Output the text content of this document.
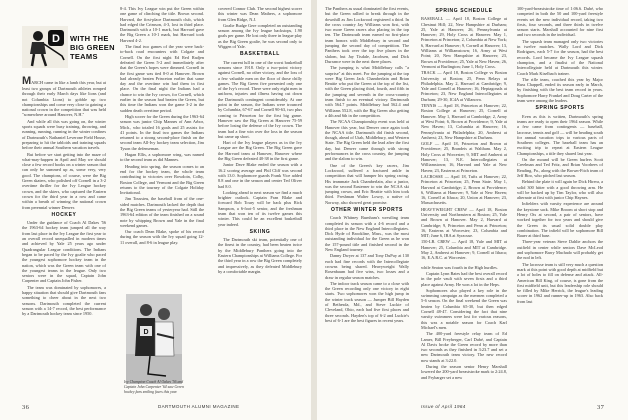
D WITH THE
BIG GREEN TEAMS

MARCH came in like a lamb this year, but at least two groups of Dartmouth athletes romped through their early March days like lions (and not Columbia Lions) to gobble up two championships and come very close to gaining a national crown in the competition that was held "somewhere around Hanover, N.H."

And while all this was going on, the winter sports squads were busy training, throwing, and running, running, running in the winter confines of Dartmouth's Nathaniel Leverone Field House, preparing to hit the tabloids and training squads before their annual Southern vacation travels.

But before we start getting into the maze of what-may-happen in April and May we should close a few record books on a winter season that can only be summed up as, some very, very good. The champions, of course, were the Big Green skaters, who polished off Cornell in a 3-2 overtime thriller for the Ivy League hockey crown, and the skiers, who captured the Eastern crown for the third year in a row and came within a breath of winning the national crown from perennial winner Denver.

HOCKEY

Under the guidance of Coach Al Dakes '56 the 1963-64 hockey team jumped all the way from last place in the Ivy League the first year to an overall record unequalled in modern times and achieved by Yale 25 years ago under Quadrangular League conditions. The Indians began to be paced by the Ivy goalie who paced the youngest sophomore hockey team in the nation, which was the Green team with one of the youngest teams in the league. Only two seniors were in the squad, Captain John Carpenter and Captain John Fisher.

The team was dominated by sophomores, a happy situation that should give Dartmouth fans something to cheer about in the next two seasons. Dartmouth completed the current season with a 14-7 record, the best performance by a Dartmouth hockey team since 1950.

8-4. This Ivy League win put the Green within one game of clinching the title. Brown second. Harvard, the first-place Dartmouth club, which had edged the Crimson, 4-3, lost in third place. Dartmouth with a 10-1 mark, but Harvard gave the Big Green a 10-1 mark, but Harvard took Harvard 4-2.

The final two games of the year were back-to-back road encounters with Colgate and Cornell. On the first night Ed Red Radjen defeated the Green 5-2 and immediately after that the Green's hopes were dimmed. Cornell in the first game was tied 8-0 at Hanover. Brown had already beaten Princeton earlier that same day and the overtime win had them in first place. On the final night the Indians had a chance to win the Ivy crown, for Cornell, which earlier in the season had beaten the Green, but this time the Indians won the game 3-2 in the sudden death overtime period.

High scorer for the Green during the 1963-64 season was junior Chip Mannes of Ann Arbor, Mich., who totaled 16 goals and 25 assists for 41 points. In the final two games the Indians returned to a strong second-place finish on the second team All-Ivy hockey team selection, Jim Tyson the defenseman.

Hagan Ellis, a sophomore wing, was named to the second team as did Mannes.

Heading into spring, the season comes to an end for the hockey team, the whole team contributing to victories over Bowdoin, Colby, Boston College, and Vermont and the Big Green returns to the tourney of the Colgate Holiday Invitational.

Jim Toussieu, the baseball from of the one-sided matches. Dartmouth lacked the depth that the Big Green teams of yesteryear had. Still the 1963-64 edition of the team finished on a sound note by whipping Brown and Yale in the final weekend games.

Our coach Dean Blake, spoke of his record during the season with the Ivy squad going 12-11 overall, and 8-6 in league play.

D
Ivy Champion Coach Al Oakes '56 and Captain John Carpenter '64 saw Green hockey fans smiling faces this year.

covered Connor Club. The second highest scorer this winter was Dean Mathers, a sophomore from Glen Ridge, N.J.

Goalie Budge Gere completed an outstanding season among the Ivy league backstops, 1.90 goals per game. He lost only three in league play as the Big Green goalie, he was second only to Wiggen of Yale.

BASKETBALL

The current lull in one of the worst basketball seasons since 1918. Only a two-point victory against Cornell, no other victory, and the loss of a few valuable men on the floor of those chilly games. The Big Green five presented only one of the Ivy's record. There were only eight men in uniform, injuries and illness having cut down the Dartmouth contingent considerably. At one point in the season, the Indians were trounced by Columbia, 67-67 and Cornell 90-63, two plus coming to Princeton for the first big game. Hanover saw the Big Green at Hanover 75-59 before losing the defense of the Ivy crown. The team had a fine win over the loss in the season but came up short.

Hart of the Ivy league players as in the Ivy League are the Big Green. The Big Green gave the Harvard team at Hanover, Hanover where the Big Green defeated 40-38 in the first game.

Junior Dave Blake ended the season with a 16.2 scoring average and Phil Cliff was second with 13.0. Sophomore guards Frank Vice added 8.8 and one in the season and center Ted Oliver had 8.0.

Looking ahead to next season we find a much brighter outlook. Captain Fran Blake and forward Bob Toury will be back plus Rick Sampson, a 6-foot-5 senior, and the freshman team that won ten of its twelve games this winter. This could be an excellent basketball year indeed.

SKIING

The Dartmouth ski team, potentially one of the finest in the country, had been beaten twice by the Middlebury Panthers going into the Eastern Championships at Williams College. For the third year in a row the Big Green completely and impressively, as they defeated Middlebury by a comfortable margin.

36	DARTMOUTH ALUMNI MAGAZINE

The Panthers as usual dominated the first events, but the Green rallied to break through in the downhill as Jim Lockwood registered a third. In the cross country Jay Williams won first, with two more Green racers also placing in the top ten. The Dartmouth team earned no first-place team honors with Middlebury in second and jumping the second day of competition. The Panthers took over the top five places in the slalom, but Jay Tisdale, Jacobsen, and Dick Durrance were in the next three places.

The jumping is what Middlebury calls "a surprise" at this meet. For the jumping at the top were Big Green Jack Chamberlain and Brian Beattie who put the Green at the top of the list, with the Green placing third, fourth, and fifth in the jumping and seventh in the cross-country team finish to an eventual victory. Dartmouth with 564.7 points. Middlebury had 562.4 and Williams 552.8, with the Big Green also getting a 4th and 6th in the competition.

The NCAA Championship event was held at Hanover this year, but Denver once again took the NCAA title. Dartmouth did finish second, though, ahead of Utah, Middlebury, and Western State. The Big Green held the lead after the first day, but Denver came through with strong performances in the cross country, the jumping and the slalom to win.

One of the Green's key racers, Jim Lockwood, suffered a fractured ankle in competition that will hamper his spring racing. His teammate Jack Chamberlain, also a junior, was the second Easterner to win the NCAA ski jumping crown, and Eric Beattie with him took third. Freshman Walter Lowry, a native of Norway, also showed great promise.

OTHER WINTER SPORTS

Coach Whitney Burnham's wrestling team completed its season with a 4-6 record and a third place in the New England Intercollegiates. Dick Hyde of Brookline, Mass., was the most outstanding individual for the Green as he won the 157-pound title and finished second in the New England tourney.

Danny Dwyer at 137 and Tony DuPuy at 130 each had fine records with the Intercollegiate crowns being shared. Heavyweight Wally Rosenbaum had five wins, two losses and a draw in regular season matches.

The indoor track season came to a close with the Green recording only one victory in eight starts. Two sophomores won the high jump in the winter track season — Jumper Bill Hayden of Bethesda, Md., and Steve Luckie of Cleveland, Ohio, each had five first places and three seconds. Hayden's top of 6-2 and Luckie's best of 6-1 are the best figures in recent years.

SPRING SCHEDULE

BASEBALL — April 18, Boston College at Chestnut Hill; 22, New Hampshire at Durham; 25, Yale at Hanover; 26, Pennsylvania at Hanover; 29, Holy Cross at Hanover. May 1, Princeton at Princeton; 2, Columbia at New York; 6, Harvard at Hanover; 9, Cornell at Hanover; 13, Williams at Williamstown; 16, Army at West Point; 20, New Hampshire at Hanover; 23, Brown at Providence; 25, Yale at New Haven; 26, Vermont at Burlington; June 1, Holy Cross.

TRACK — April 18, Boston College vs Boston University at Boston; 25, Penn Relays at Philadelphia. May 2, Harvard at Cambridge; 9, Yale and Cornell at Hanover; 16, Heptagonals at Princeton; 23, New England Intercollegiates at Durham; 29-30, IC4A at Villanova.

TENNIS — April 18, Princeton at Hanover; 22, Boston College at Hanover; 25, Cornell at Hanover. May 1, Harvard at Cambridge; 2, Army at West Point; 6, Brown at Providence; 9, Yale at New Haven; 13, Columbia at Hanover; 16, Pennsylvania at Philadelphia; 20, Amherst at Amherst; 23, New Hampshire at Durham.

GOLF — April 18, Princeton and Brown at Providence; 25, Brandeis at Waltham. May 2, Holy Cross at Worcester; 9, MIT and Amherst at Hanover; 13, N.E. Intercollegiates at Williamstown; 16, Harvard and Yale at New Haven; 23, Easterns at Princeton.

LACROSSE — April 18, Tufts at Hanover; 22, Princeton at Princeton; 25, Penn State. May 1, Harvard at Cambridge; 2, Brown at Providence; 6, Williams at Hanover; 9, Yale at New Haven; 16, Cornell at Ithaca; 20, Union at Hanover; 23, Massachusetts.

HEAVYWEIGHT CREW — April 18, Boston University and Northeastern at Boston; 25, Yale and Brown at Hanover. May 2, Harvard at Cambridge; 9, Princeton and Penn at Princeton; 16, Easterns at Worcester; 23, Columbia and MIT; June 6, IRA at Syracuse.

150-LB. CREW — April 18, Yale and MIT at Hanover; 25, Columbia and MIT at Cambridge. May 2, Amherst at Hanover; 9, Cornell at Ithaca; 16, E.A.R.C. at Worcester.

while Seaton was fourth in the High hurdles.

Captain Lynn Bates had the best overall record in the pole vault with seven firsts and a third place against Army. He won a lot in the Heps.

Sophomores also played a key role in the swimming campaign as the mermen completed a 5-6 season. On the final weekend the Green was beaten by Columbia 65-30, but then edged Cornell 48-47. Considering the fact that nine varsity swimmers were lost for various reasons, this was a notable season for Coach Karl Michael's men.

The 400-yard freestyle relay team of Ed Lamer, Bill Freyberger, Carl Dubé, and Captain Al Davis broke the Green record by more than two seconds as they finished in 3:23.7 and set a new Dartmouth team victory. The new record now stands at 3:22.0.

During the season senior Henry Marshall lowered the 200-yard breaststroke mark to 2:24.8, and Frybarger set a new

100-yard-breaststroke time of 1:06.6. Dubé, who competed in both the 50 and 100-yard freestyle events set the new individual record, taking two firsts, four seconds, and three thirds in twelve season starts. Marshall accounted for nine first and two seconds in the individual.

The squash team managed only two victories in twelve matches. Wally Lord and Dick Rodrigues, each 5-7 for the season, had the best records. Lord became the Ivy League squash champion, and a finalist of the National Intercollegiate held at Dartmouth this winter. Coach Mark Kiselbach trainer.

The rifle team, coached this year by Major Russ Chappell, ended its season early in March, by finishing with the best team record in years. Sophomore Harry Frankel and Doug Carter of the team were among the leaders.

SPRING SPORTS

Even as this is written, Dartmouth's spring teams are ready to open their 1964 season. While a few came from contingents — baseball, lacrosse, tennis and golf — will be heading south for annual vacation trips to various parts of Southern colleges. The baseball team has an exciting trip to repeat at Eastern League Championships, a title they shared last year.

On the mound will be Green hurlers Scott Creelman and Ted Fritz, and Brian Voorhees of Reading, Pa., along with the Brown-Fitch team of Jeff Biro, who pitched last season.

Behind the plate it will again be Dick Hirera, a solid 300 hitter with a good throwing arm. He will be backed up by Tim Taylor, who will also alternate at first with junior Chip Haynes.

Infielders with varsity experience are around the keystone sack. Mike Broom at short stop and Henry Ots at second, a pair of seniors, have worked together for two years and should give the Green its usual solid double play combination. The infield will be sophomore Bill Bauer at third base.

Three-year veteran Steve Dahlie anchors the outfield in center while seniors Dave McLeod and sophomore Barry Machado will probably get the nod in left.

The lacrosse team is still very much a question mark at this point with good depth at midfield but a lot of holes to fill on defense and attack. All-American Bill King, of course, is gone from the first midfield unit, but this leadership role should be filled by Mike Herrick, the league's leading scorer in 1962 and runner-up in 1963. Also back from last

Issue of April 1964	37
